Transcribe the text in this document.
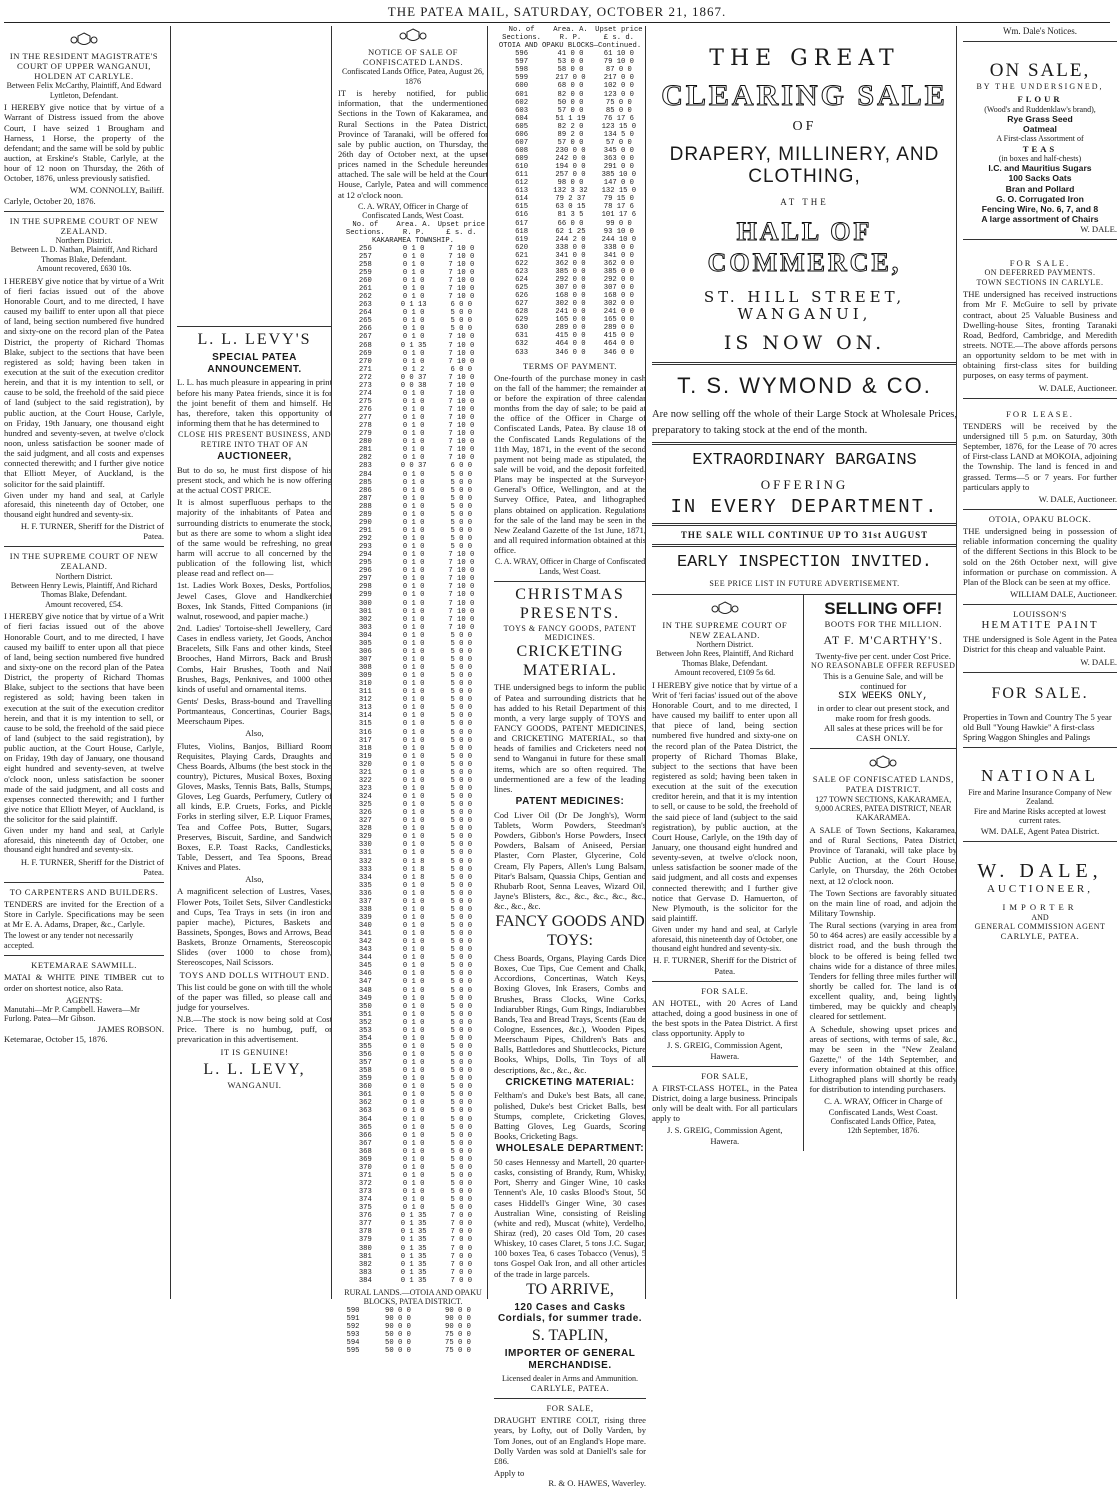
THE PATEA MAIL, SATURDAY, OCTOBER 21, 1867.
IN THE RESIDENT MAGISTRATE'S COURT OF UPPER WANGANUI, HOLDEN AT CARLYLE.
Between Felix McCarthy, Plaintiff, And Edward Lyttleton, Defendant.

I HEREBY give notice that by virtue of a Warrant of Distress issued from the above Court, I have seized 1 Brougham and Harness, 1 Horse, the property of the defendant; and the same will be sold by public auction, at Erskine's Stable, Carlyle, at the hour of 12 noon on Thursday, the 26th of October, 1876, unless previously satisfied.

WM. CONNOLLY, Bailiff.
Carlyle, October 20, 1876.
IN THE SUPREME COURT OF NEW ZEALAND.
Northern District.
Between L. D. Nathan, Plaintiff, And Richard Thomas Blake, Defendant.
Amount recovered, £630 10s.

I HEREBY give notice that by virtue of a Writ of fieri facias issued out of the above Honorable Court, and to me directed, I have caused my bailiff to enter upon all that piece of land, being section numbered five hundred and sixty-one on the record plan of the Patea District, the property of Richard Thomas Blake, subject to the sections that have been registered as sold; having been taken in execution at the suit of the execution creditor herein, and that it is my intention to sell, or cause to be sold, the freehold of the said piece of land (subject to the said registration), by public auction, at the Court House, Carlyle, on Friday, 19th January, one thousand eight hundred and seventy-seven, at twelve o'clock noon, unless satisfaction be sooner made of the said judgment, and all costs and expenses connected therewith; and I further give notice that Elliott Meyer, of Auckland, is the solicitor for the said plaintiff.

Given under my hand and seal, at Carlyle aforesaid, this nineteenth day of October, one thousand eight hundred and seventy-six.

H. F. TURNER, Sheriff for the District of Patea.
IN THE SUPREME COURT OF NEW ZEALAND.
Northern District.
Between Henry Lewis, Plaintiff, And Richard Thomas Blake, Defendant.
Amount recovered, £54.

I HEREBY give notice that by virtue of a Writ of fieri facias issued out of the above Honorable Court, and to me directed, I have caused my bailiff to enter upon all that piece of land, being section numbered five hundred and sixty-one on the record plan of the Patea District, the property of Richard Thomas Blake, subject to the sections that have been registered as sold; having been taken in execution at the suit of the execution creditor herein, and that it is my intention to sell, or cause to be sold, the freehold of the said piece of land (subject to the said registration), by public auction, at the Court House, Carlyle, on Friday, 19th day of January, one thousand eight hundred and seventy-seven, at twelve o'clock noon, unless satisfaction be sooner made of the said judgment, and all costs and expenses connected therewith; and I further give notice that Elliott Meyer, of Auckland, is the solicitor for the said plaintiff.

Given under my hand and seal, at Carlyle aforesaid, this nineteenth day of October, one thousand eight hundred and seventy-six.

H. F. TURNER, Sheriff for the District of Patea.
TO CARPENTERS AND BUILDERS.

TENDERS are invited for the Erection of a Store in Carlyle. Specifications may be seen at Mr E. A. Adams, Draper, &c., Carlyle.

The lowest or any tender not necessarily accepted.
KETEMARAE SAWMILL.

MATAI & WHITE PINE TIMBER cut to order on shortest notice, also Rata.

AGENTS:
Manutahi—Mr P. Campbell. Hawera—Mr Furlong. Patea—Mr Gibson.
JAMES ROBSON.
Ketemarae, October 15, 1876.
L. L. LEVY'S
SPECIAL PATEA ANNOUNCEMENT.

L. L. has much pleasure in appearing in print before his many Patea friends, since it is for the joint benefit of them and himself. He has, therefore, taken this opportunity of informing them that he has determined to

CLOSE HIS PRESENT BUSINESS, AND RETIRE INTO THAT OF AN
AUCTIONEER,

But to do so, he must first dispose of his present stock, and which he is now offering at the actual COST PRICE.

It is almost superfluous perhaps to the majority of the inhabitants of Patea and surrounding districts to enumerate the stock, but as there are some to whom a slight idea of the same would be refreshing, no great harm will accrue to all concerned by the publication of the following list, which please read and reflect on—

1st. Ladies Work Boxes, Desks, Portfolios, Jewel Cases, Glove and Handkerchief Boxes, Ink Stands, Fitted Companions (in walnut, rosewood, and papier mache.)

2nd. Ladies' Tortoise-shell Jewellery, Card Cases in endless variety, Jet Goods, Anchor Bracelets, Silk Fans and other kinds, Steel Brooches, Hand Mirrors, Back and Brush Combs, Hair Brushes, Tooth and Nail Brushes, Bags, Penknives, and 1000 other kinds of useful and ornamental items.

Gents' Desks, Brass-bound and Travelling Portmanteaus, Concertinas, Courier Bags, Meerschaum Pipes.

Also,

Flutes, Violins, Banjos, Billiard Room Requisites, Playing Cards, Draughts and Chess Boards, Albums (the best stock in the country), Pictures, Musical Boxes, Boxing Gloves, Masks, Tennis Bats, Balls, Stumps, Gloves, Leg Guards, Perfumery, Cutlery of all kinds, E.P. Cruets, Forks, and Pickle Forks in sterling silver, E.P. Liquor Frames, Tea and Coffee Pots, Butter, Sugars, Preserves, Biscuit, Sardine, and Sandwich Boxes, E.P. Toast Racks, Candlesticks, Table, Dessert, and Tea Spoons, Bread Knives and Plates.

Also,

A magnificent selection of Lustres, Vases, Flower Pots, Toilet Sets, Silver Candlesticks and Cups, Tea Trays in sets (in iron and papier mache), Pictures, Baskets and Bassinets, Sponges, Bows and Arrows, Bead Baskets, Bronze Ornaments, Stereoscopic Slides (over 1000 to chose from), Stereoscopes, Nail Scissors.

TOYS AND DOLLS WITHOUT END.

This list could be gone on with till the whole of the paper was filled, so please call and judge for yourselves.

N.B.—The stock is now being sold at Cost Price. There is no humbug, puff, or prevarication in this advertisement.

IT IS GENUINE!
L. L. LEVY,
WANGANUI.
NOTICE OF SALE OF CONFISCATED LANDS.
Confiscated Lands Office, Patea, August 26, 1876

IT is hereby notified, for public information, that the undermentioned Sections in the Town of Kakaramea, and Rural Sections in the Patea District, Province of Taranaki, will be offered for sale by public auction, on Thursday, the 26th day of October next, at the upset prices named in the Schedule hereunder attached. The sale will be held at the Court House, Carlyle, Patea and will commence at 12 o'clock noon.

C. A. WRAY, Officer in Charge of Confiscated Lands, West Coast.
No. of Sections.	Area. A. R. P.	Upset price £ s. d.
KAKARAMEA TOWNSHIP.		
256	0 1 0	7 10 0
257	0 1 0	7 10 0
258	0 1 0	7 10 0
259	0 1 0	7 10 0
260	0 1 0	7 10 0
261	0 1 0	7 10 0
262	0 1 0	7 10 0
263	0 1 13	6 0 0
264	0 1 0	5 0 0
265	0 1 0	5 0 0
266	0 1 0	5 0 0
267	0 1 0	7 10 0
268	0 1 35	7 10 0
269	0 1 0	7 10 0
270	0 1 0	7 10 0
271	0 1 2	6 0 0
272	0 0 37	7 10 0
273	0 0 38	7 10 0
274	0 1 0	7 10 0
275	0 1 0	7 10 0
276	0 1 0	7 10 0
277	0 1 0	7 10 0
278	0 1 0	7 10 0
279	0 1 0	7 10 0
280	0 1 0	7 10 0
281	0 1 0	7 10 0
282	0 1 0	7 10 0
283	0 0 37	6 0 0
284	0 1 0	5 0 0
285	0 1 0	5 0 0
286	0 1 0	5 0 0
287	0 1 0	5 0 0
288	0 1 0	5 0 0
289	0 1 0	5 0 0
290	0 1 0	5 0 0
291	0 1 0	5 0 0
292	0 1 0	5 0 0
293	0 1 0	5 0 0
294	0 1 0	7 10 0
295	0 1 0	7 10 0
296	0 1 0	7 10 0
297	0 1 0	7 10 0
298	0 1 0	7 10 0
299	0 1 0	7 10 0
300	0 1 0	7 10 0
301	0 1 0	7 10 0
302	0 1 0	7 10 0
303	0 1 0	7 10 0
304	0 1 0	5 0 0
305	0 1 0	5 0 0
306	0 1 0	5 0 0
307	0 1 0	5 0 0
308	0 1 0	5 0 0
309	0 1 0	5 0 0
310	0 1 0	5 0 0
311	0 1 0	5 0 0
312	0 1 0	5 0 0
313	0 1 0	5 0 0
314	0 1 0	5 0 0
315	0 1 0	5 0 0
316	0 1 0	5 0 0
317	0 1 0	5 0 0
318	0 1 0	5 0 0
319	0 1 0	5 0 0
320	0 1 0	5 0 0
321	0 1 0	5 0 0
322	0 1 0	5 0 0
323	0 1 0	5 0 0
324	0 1 0	5 0 0
325	0 1 0	5 0 0
326	0 1 0	5 0 0
327	0 1 0	5 0 0
328	0 1 0	5 0 0
329	0 1 0	5 0 0
330	0 1 0	5 0 0
331	0 1 0	5 0 0
332	0 1 8	5 0 0
333	0 1 8	5 0 0
334	0 1 8	5 0 0
335	0 1 0	5 0 0
336	0 1 0	5 0 0
337	0 1 0	5 0 0
338	0 1 0	5 0 0
339	0 1 0	5 0 0
340	0 1 0	5 0 0
341	0 1 0	5 0 0
342	0 1 0	5 0 0
343	0 1 0	5 0 0
344	0 1 0	5 0 0
345	0 1 0	5 0 0
346	0 1 0	5 0 0
347	0 1 0	5 0 0
348	0 1 0	5 0 0
349	0 1 0	5 0 0
350	0 1 0	5 0 0
351	0 1 0	5 0 0
352	0 1 0	5 0 0
353	0 1 0	5 0 0
354	0 1 0	5 0 0
355	0 1 0	5 0 0
356	0 1 0	5 0 0
357	0 1 0	5 0 0
358	0 1 0	5 0 0
359	0 1 0	5 0 0
360	0 1 0	5 0 0
361	0 1 0	5 0 0
362	0 1 0	5 0 0
363	0 1 0	5 0 0
364	0 1 0	5 0 0
365	0 1 0	5 0 0
366	0 1 0	5 0 0
367	0 1 0	5 0 0
368	0 1 0	5 0 0
369	0 1 0	5 0 0
370	0 1 0	5 0 0
371	0 1 0	5 0 0
372	0 1 0	5 0 0
373	0 1 0	5 0 0
374	0 1 0	5 0 0
375	0 1 0	5 0 0
376	0 1 35	7 0 0
377	0 1 35	7 0 0
378	0 1 35	7 0 0
379	0 1 35	7 0 0
380	0 1 35	7 0 0
381	0 1 35	7 0 0
382	0 1 35	7 0 0
383	0 1 35	7 0 0
384	0 1 35	7 0 0
RURAL LANDS.—OTOIA AND OPAKU BLOCKS, PATEA DISTRICT.
590	90 0 0	90 0 0
591	90 0 0	90 0 0
592	90 0 0	90 0 0
593	50 0 0	75 0 0
594	50 0 0	75 0 0
595	50 0 0	75 0 0
No. of Sections.	Area. A. R. P.	Upset price £ s. d.
OTOIA AND OPAKU BLOCKS—Continued.		
596	41 0 0	61 10 0
597	53 0 0	79 10 0
598	58 0 0	87 0 0
599	217 0 0	217 0 0
600	68 0 0	102 0 0
601	82 0 0	123 0 0
602	50 0 0	75 0 0
603	57 0 0	85 0 0
604	51 1 19	76 17 6
605	82 2 0	123 15 0
606	89 2 0	134 5 0
607	57 0 0	57 0 0
608	230 0 0	345 0 0
609	242 0 0	363 0 0
610	194 0 0	291 0 0
611	257 0 0	385 10 0
612	98 0 0	147 0 0
613	132 3 32	132 15 0
614	79 2 37	79 15 0
615	63 0 15	78 17 6
616	81 3 5	101 17 6
617	66 0 0	99 0 0
618	62 1 25	93 10 0
619	244 2 0	244 10 0
620	338 0 0	338 0 0
621	341 0 0	341 0 0
622	362 0 0	362 0 0
623	385 0 0	385 0 0
624	292 0 0	292 0 0
625	307 0 0	307 0 0
626	168 0 0	168 0 0
627	302 0 0	302 0 0
628	241 0 0	241 0 0
629	165 0 0	165 0 0
630	289 0 0	289 0 0
631	415 0 0	415 0 0
632	464 0 0	464 0 0
633	346 0 0	346 0 0
TERMS OF PAYMENT.

One-fourth of the purchase money in cash on the fall of the hammer; the remainder at or before the expiration of three calendar months from the day of sale; to be paid at the office of the Officer in Charge of Confiscated Lands, Patea. By clause 18 of the Confiscated Lands Regulations of the 11th May, 1871, in the event of the second payment not being made as stipulated, the sale will be void, and the deposit forfeited. Plans may be inspected at the Surveyor-General's Office, Wellington, and at the Survey Office, Patea, and lithographed plans obtained on application. Regulations for the sale of the land may be seen in the New Zealand Gazette of the 1st June, 1871, and all required information obtained at this office.

C. A. WRAY, Officer in Charge of Confiscated Lands, West Coast.
CHRISTMAS PRESENTS.
TOYS & FANCY GOODS, PATENT MEDICINES.
CRICKETING MATERIAL.

THE undersigned begs to inform the public of Patea and surrounding districts that he has added to his Retail Department of this month, a very large supply of TOYS and FANCY GOODS, PATENT MEDICINES, and CRICKETING MATERIAL, so that heads of families and Cricketers need not send to Wanganui in future for these small items, which are so often required. The undermentioned are a few of the leading lines.

PATENT MEDICINES:

Cod Liver Oil (Dr De Jongh's), Worm Tablets, Worm Powders, Steedman's Powders, Gibbon's Horse Powders, Insect Powders, Balsam of Aniseed, Persian Plaster, Corn Plaster, Glycerine, Cold Cream, Fly Papers, Allen's Lung Balsam, Pitar's Balsam, Quassia Chips, Gentian and Rhubarb Root, Senna Leaves, Wizard Oil, Jayne's Blisters, &c., &c., &c., &c., &c., &c., &c., &c.

FANCY GOODS AND TOYS:

Chess Boards, Organs, Playing Cards Dice Boxes, Cue Tips, Cue Cement and Chalk, Accordions, Concertinas, Watch Keys, Boxing Gloves, Ink Erasers, Combs and Brushes, Brass Clocks, Wine Corks, Indiarubber Rings, Gum Rings, Indiarubber Bands, Tea and Bread Trays, Scents (Eau de Cologne, Essences, &c.), Wooden Pipes, Meerschaum Pipes, Children's Bats and Balls, Battledores and Shuttlecocks, Picture Books, Whips, Dolls, Tin Toys of all descriptions, &c., &c., &c.

CRICKETING MATERIAL:

Feltham's and Duke's best Bats, all cane, polished, Duke's best Cricket Balls, best Stumps, complete, Cricketing Gloves, Batting Gloves, Leg Guards, Scoring Books, Cricketing Bags.

WHOLESALE DEPARTMENT:

50 cases Hennessy and Martell, 20 quarter-casks, consisting of Brandy, Rum, Whisky, Port, Sherry and Ginger Wine, 10 casks Tennent's Ale, 10 casks Blood's Stout, 50 cases Hiddell's Ginger Wine, 30 cases Australian Wine, consisting of Reisling (white and red), Muscat (white), Verdelho, Shiraz (red), 20 cases Old Tom, 20 cases Whiskey, 10 cases Claret, 5 tons J.C. Sugar, 100 boxes Tea, 6 cases Tobacco (Venus), 5 tons Gospel Oak Iron, and all other articles of the trade in large parcels.

TO ARRIVE,
120 Cases and Casks Cordials, for summer trade.
S. TAPLIN,
IMPORTER OF GENERAL MERCHANDISE.
Licensed dealer in Arms and Ammunition.
CARLYLE, PATEA.
FOR SALE,

DRAUGHT ENTIRE COLT, rising three years, by Lofty, out of Dolly Varden, by Tom Jones, out of an England's Hope mare. Dolly Varden was sold at Daniell's sale for £86.

Apply to
R. & O. HAWES, Waverley.
THE GREAT
CLEARING SALE
OF
DRAPERY, MILLINERY, AND CLOTHING,
AT THE
HALL OF COMMERCE,
ST. HILL STREET, WANGANUI,
IS NOW ON.
T. S. WYMOND & CO.

Are now selling off the whole of their Large Stock at Wholesale Prices, preparatory to taking stock at the end of the month.

EXTRAORDINARY BARGAINS
OFFERING
IN EVERY DEPARTMENT.
THE SALE WILL CONTINUE UP TO 31st AUGUST
EARLY INSPECTION INVITED.
SEE PRICE LIST IN FUTURE ADVERTISEMENT.
IN THE SUPREME COURT OF NEW ZEALAND.
Northern District.
Between John Rees, Plaintiff, And Richard Thomas Blake, Defendant.
Amount recovered, £109 5s 6d.

I HEREBY give notice that by virtue of a Writ of 'feri facias' issued out of the above Honorable Court, and to me directed, I have caused my bailiff to enter upon all that piece of land, being section numbered five hundred and sixty-one on the record plan of the Patea District, the property of Richard Thomas Blake, subject to the sections that have been registered as sold; having been taken in execution at the suit of the execution creditor herein, and that it is my intention to sell, or cause to be sold, the freehold of the said piece of land (subject to the said registration), by public auction, at the Court House, Carlyle, on the 19th day of January, one thousand eight hundred and seventy-seven, at twelve o'clock noon, unless satisfaction be sooner made of the said judgment, and all costs and expenses connected therewith; and I further give notice that Gervase D. Hamuerton, of New Plymouth, is the solicitor for the said plaintiff.

Given under my hand and seal, at Carlyle aforesaid, this nineteenth day of October, one thousand eight hundred and seventy-six.

H. F. TURNER, Sheriff for the District of Patea.
FOR SALE.

AN HOTEL, with 20 Acres of Land attached, doing a good business in one of the best spots in the Patea District. A first class opportunity. Apply to

J. S. GREIG, Commission Agent, Hawera.
FOR SALE,

A FIRST-CLASS HOTEL, in the Patea District, doing a large business. Principals only will be dealt with. For all particulars apply to

J. S. GREIG, Commission Agent, Hawera.
SELLING OFF!
BOOTS FOR THE MILLION.
AT F. M'CARTHY'S.
Twenty-five per cent. under Cost Price.
NO REASONABLE OFFER REFUSED
This is a Genuine Sale, and will be continued for
SIX WEEKS ONLY,
in order to clear out present stock, and make room for fresh goods.
All sales at these prices will be for
CASH ONLY.
SALE OF CONFISCATED LANDS, PATEA DISTRICT.
127 TOWN SECTIONS, KAKARAMEA, 9,000 ACRES, PATEA DISTRICT, NEAR KAKARAMEA.

A SALE of Town Sections, Kakaramea, and of Rural Sections, Patea District, Province of Taranaki, will take place by Public Auction, at the Court House, Carlyle, on Thursday, the 26th October next, at 12 o'clock noon.

The Town Sections are favorably situated on the main line of road, and adjoin the Military Township.

The Rural sections (varying in area from 50 to 464 acres) are easily accessible by a district road, and the bush through the block to be offered is being felled two chains wide for a distance of three miles. Tenders for felling three miles further will shortly be called for. The land is of excellent quality, and, being lightly timbered, may be quickly and cheaply cleared for settlement.

A Schedule, showing upset prices and areas of sections, with terms of sale, &c., may be seen in the "New Zealand Gazette," of the 14th September, and every information obtained at this office. Lithographed plans will shortly be ready for distribution to intending purchasers.

C. A. WRAY, Officer in Charge of Confiscated Lands, West Coast.
Confiscated Lands Office, Patea,
12th September, 1876.
Wm. Dale's Notices.
ON SALE,
BY THE UNDERSIGNED,
FLOUR
(Wood's and Ruddenklaw's brand),
Rye Grass Seed
Oatmeal
A First-class Assortment of
TEAS
(in boxes and half-chests)
I.C. and Mauritius Sugars
100 Sacks Oats
Bran and Pollard
G. O. Corrugated Iron
Fencing Wire, No. 6, 7, and 8
A large assortment of Chairs
W. DALE.
FOR SALE.
ON DEFERRED PAYMENTS.
TOWN SECTIONS IN CARLYLE.

THE undersigned has received instructions from Mr F. McGuire to sell by private contract, about 25 Valuable Business and Dwelling-house Sites, fronting Taranaki Road, Bedford, Cambridge, and Meredith streets. NOTE.—The above affords persons an opportunity seldom to be met with in obtaining first-class sites for building purposes, on easy terms of payment.

W. DALE, Auctioneer.
FOR LEASE.

TENDERS will be received by the undersigned till 5 p.m. on Saturday, 30th September, 1876, for the Lease of 70 acres of First-class LAND at MOKOIA, adjoining the Township. The land is fenced in and grassed. Terms—5 or 7 years. For further particulars apply to

W. DALE, Auctioneer.
OTOIA, OPAKU BLOCK.

THE undersigned being in possession of reliable information concerning the quality of the different Sections in this Block to be sold on the 26th October next, will give information or purchase on commission. A Plan of the Block can be seen at my office.

WILLIAM DALE, Auctioneer.
LOUISSON'S
HEMATITE PAINT

THE undersigned is Sole Agent in the Patea District for this cheap and valuable Paint.

W. DALE.
FOR SALE.
Properties in Town and Country The 5 year old Bull "Young Hawkie" A first-class Spring Waggon Shingles and Palings
NATIONAL
Fire and Marine Insurance Company of New Zealand.
Fire and Marine Risks accepted at lowest current rates.
WM. DALE, Agent Patea District.
W. DALE,
AUCTIONEER,
IMPORTER
AND
GENERAL COMMISSION AGENT
CARLYLE, PATEA.
